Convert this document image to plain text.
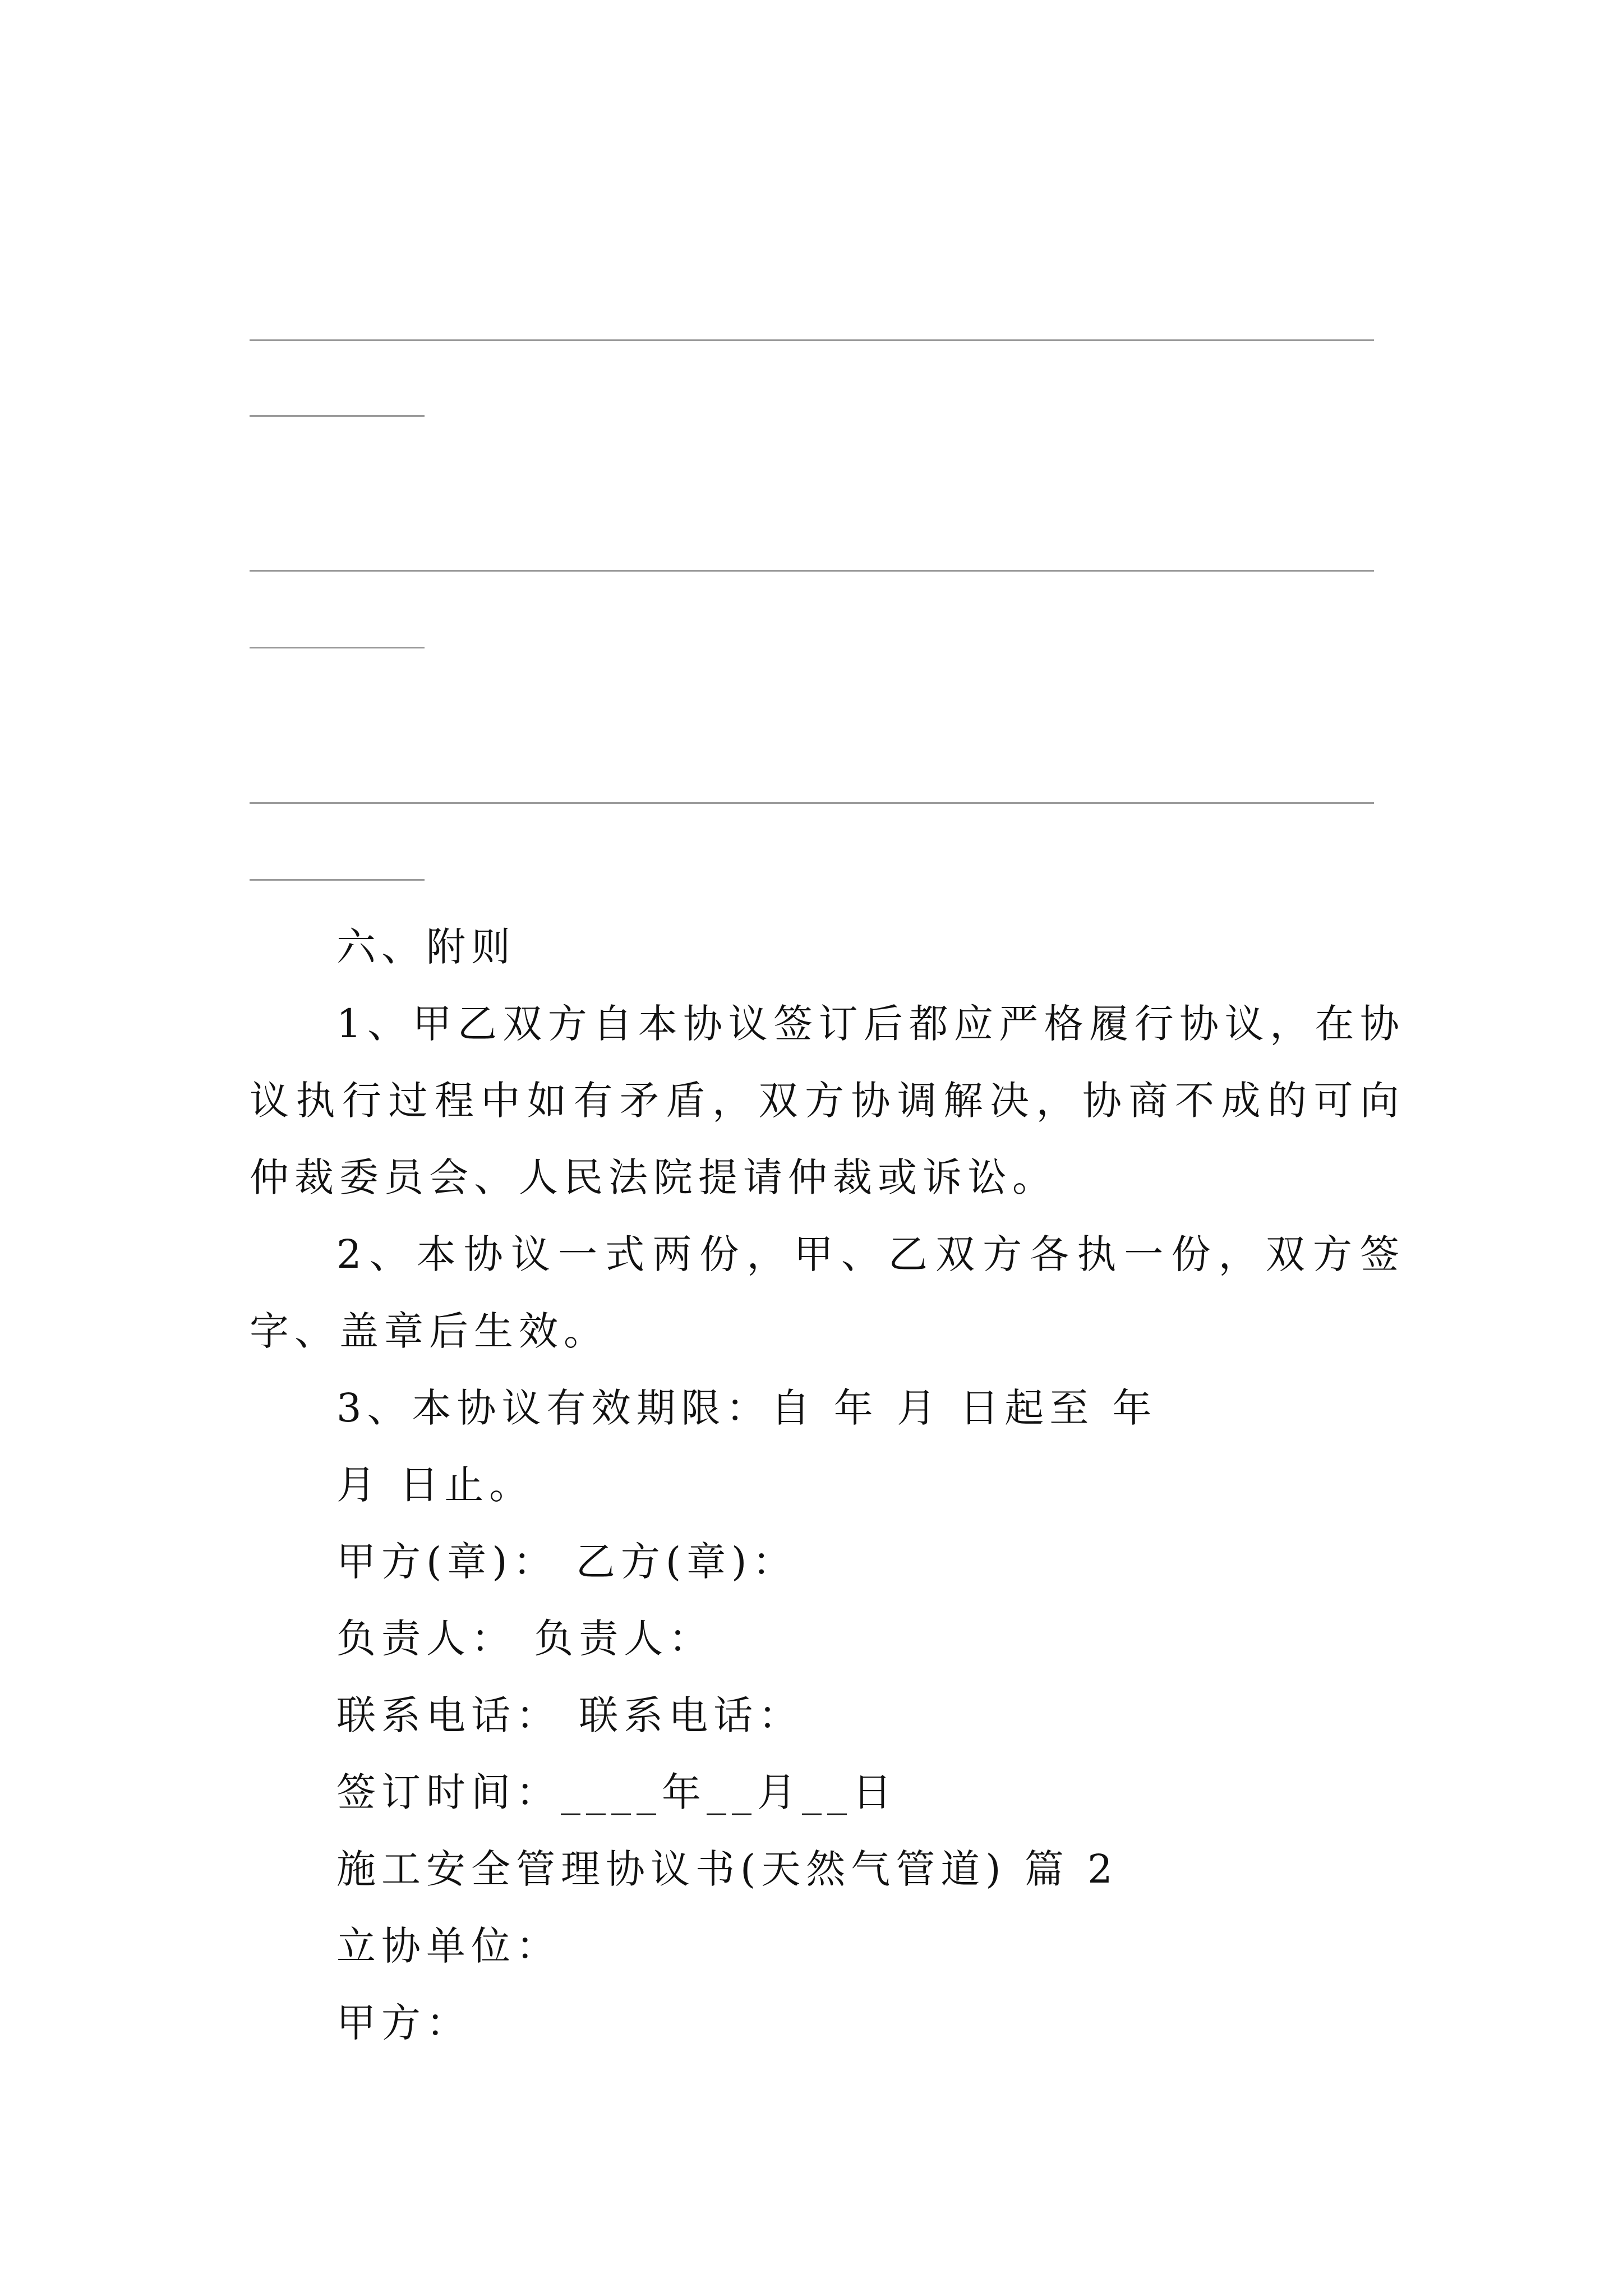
六、附则

1、甲乙双方自本协议签订后都应严格履行协议，在协议执行过程中如有矛盾，双方协调解决，协商不成的可向仲裁委员会、人民法院提请仲裁或诉讼。

2、本协议一式两份，甲、乙双方各执一份，双方签字、盖章后生效。

3、本协议有效期限：自 年 月 日起至 年

月 日止。

甲方(章)： 乙方(章)：

负责人： 负责人：

联系电话： 联系电话：

签订时间：____年__月__日

施工安全管理协议书(天然气管道) 篇 2

立协单位：

甲方：
